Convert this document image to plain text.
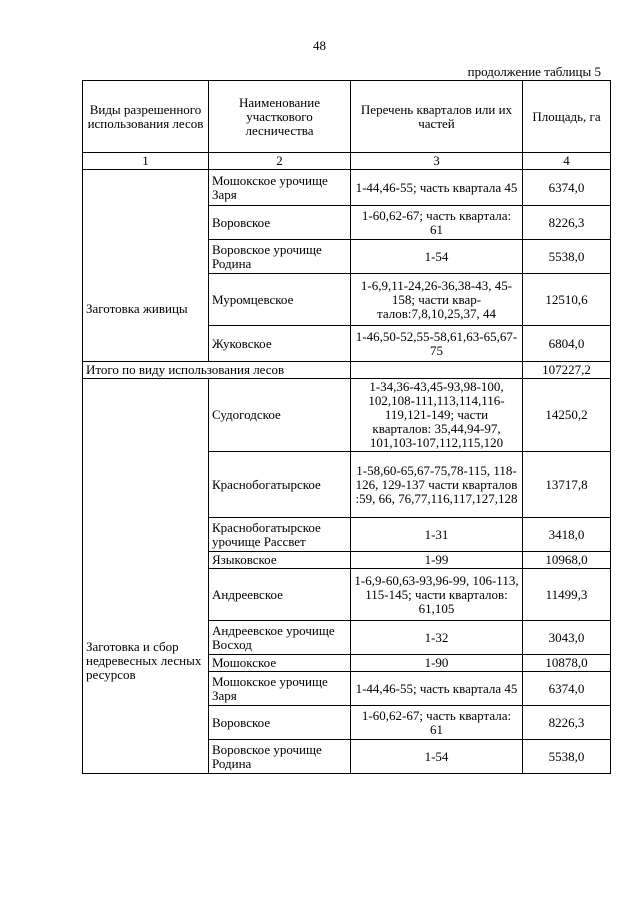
48
продолжение таблицы 5
Виды разрешенного использования лесов	Наименование участкового лесничества	Перечень кварталов или их частей	Площадь, га
1	2	3	4

Заготовка живицы	Мошокское урочище Заря	1-44,46-55; часть квартала 45	6374,0
	Воровское	1-60,62-67; часть квартала: 61	8226,3
	Воровское урочище Родина	1-54	5538,0
	Муромцевское	1-6,9,11-24,26-36,38-43, 45-158; части квар-талов:7,8,10,25,37, 44	12510,6
	Жуковское	1-46,50-52,55-58,61,63-65,67-75	6804,0
Итого по виду использования лесов			107227,2

Заготовка и сбор недревесных лесных ресурсов	Судогодское	1-34,36-43,45-93,98-100, 102,108-111,113,114,116-119,121-149; части кварталов: 35,44,94-97, 101,103-107,112,115,120	14250,2
	Краснобогатырское	1-58,60-65,67-75,78-115, 118-126, 129-137 части кварталов :59, 66, 76,77,116,117,127,128	13717,8
	Краснобогатырское урочище Рассвет	1-31	3418,0
	Языковское	1-99	10968,0
	Андреевское	1-6,9-60,63-93,96-99, 106-113, 115-145; части кварталов: 61,105	11499,3
	Андреевское урочище Восход	1-32	3043,0
	Мошокское	1-90	10878,0
	Мошокское урочище Заря	1-44,46-55; часть квартала 45	6374,0
	Воровское	1-60,62-67; часть квартала: 61	8226,3
	Воровское урочище Родина	1-54	5538,0
